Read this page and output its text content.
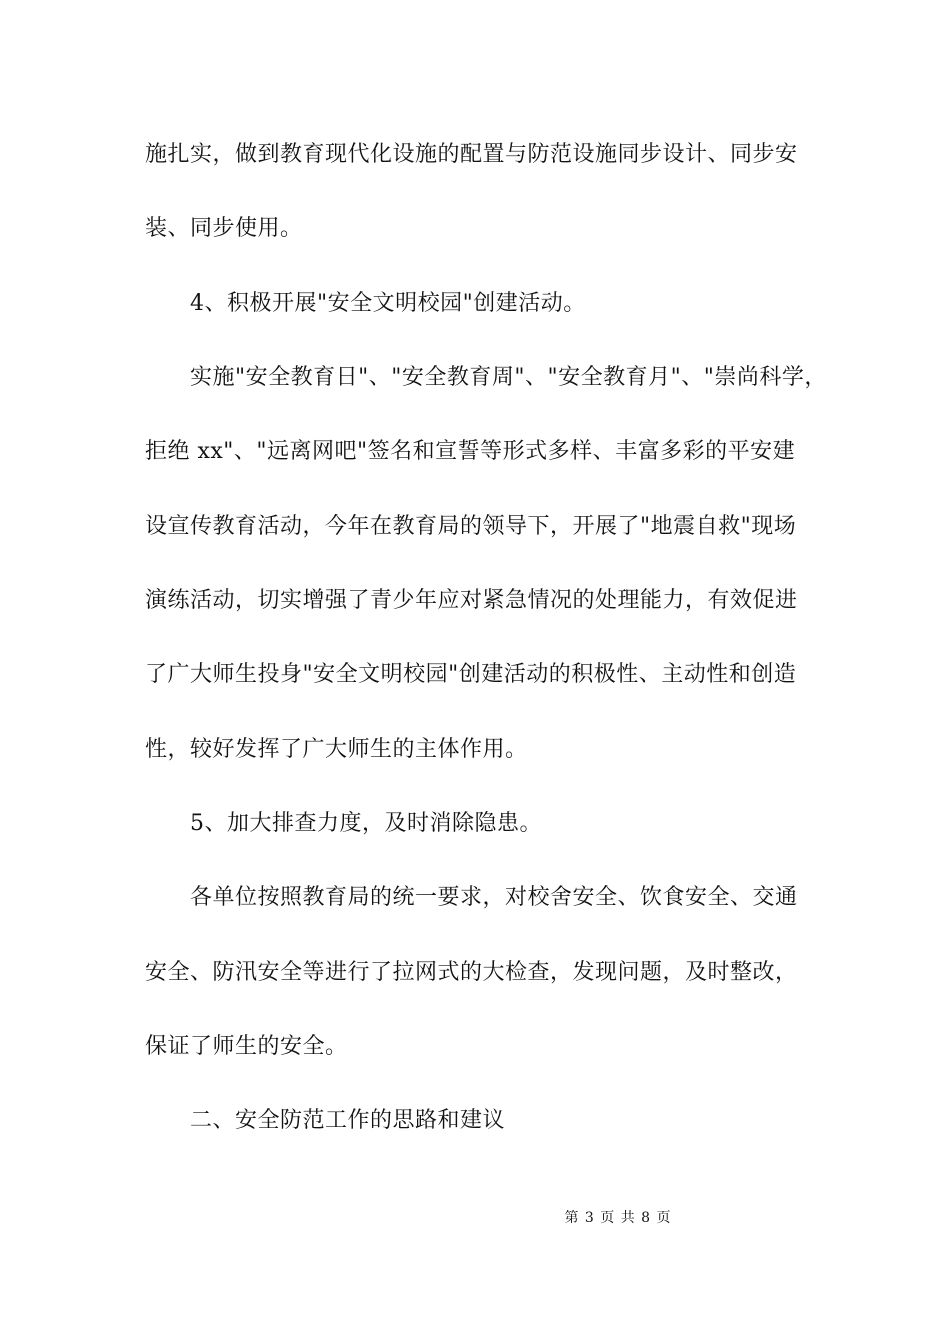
施扎实，做到教育现代化设施的配置与防范设施同步设计、同步安
装、同步使用。
4、积极开展"安全文明校园"创建活动。
实施"安全教育日"、"安全教育周"、"安全教育月"、"崇尚科学，
拒绝 xx"、"远离网吧"签名和宣誓等形式多样、丰富多彩的平安建
设宣传教育活动，今年在教育局的领导下，开展了"地震自救"现场
演练活动，切实增强了青少年应对紧急情况的处理能力，有效促进
了广大师生投身"安全文明校园"创建活动的积极性、主动性和创造
性，较好发挥了广大师生的主体作用。
5、加大排查力度，及时消除隐患。
各单位按照教育局的统一要求，对校舍安全、饮食安全、交通
安全、防汛安全等进行了拉网式的大检查，发现问题，及时整改，
保证了师生的安全。
二、安全防范工作的思路和建议
第 3 页 共 8 页
